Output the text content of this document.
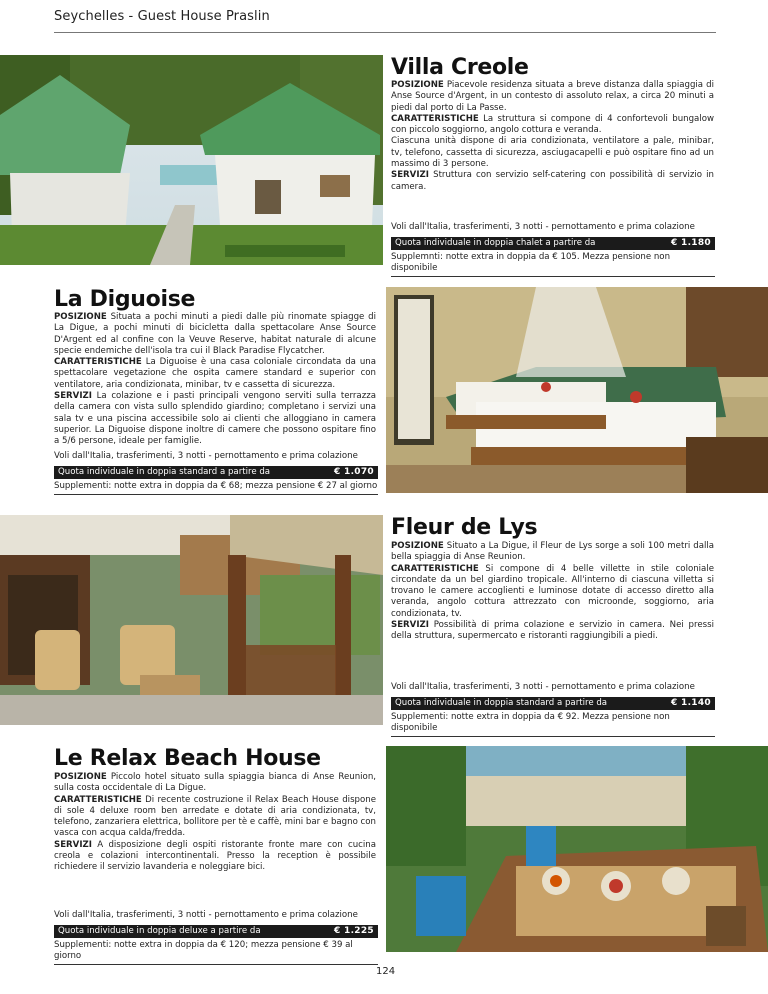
Seychelles - Guest House Praslin
Villa Creole

POSIZIONE Piacevole residenza situata a breve distanza dalla spiaggia di Anse Source d'Argent, in un contesto di assoluto relax, a circa 20 minuti a piedi dal porto di La Passe.

CARATTERISTICHE La struttura si compone di 4 confortevoli bungalow con piccolo soggiorno, angolo cottura e veranda.

Ciascuna unità dispone di aria condizionata, ventilatore a pale, minibar, tv, telefono, cassetta di sicurezza, asciugacapelli e può ospitare fino ad un massimo di 3 persone.

SERVIZI Struttura con servizio self-catering con possibilità di servizio in camera.

Voli dall'Italia, trasferimenti, 3 notti - pernottamento e prima colazione
Quota individuale in doppia chalet a partire da	€ 1.180
Supplemnti: notte extra in doppia da € 105. Mezza pensione non disponibile
La Diguoise

POSIZIONE Situata a pochi minuti a piedi dalle più rinomate spiagge di La Digue, a pochi minuti di bicicletta dalla spettacolare Anse Source D'Argent ed al confine con la Veuve Reserve, habitat naturale di alcune specie endemiche dell'isola tra cui il Black Paradise Flycatcher.

CARATTERISTICHE La Diguoise è una casa coloniale circondata da una spettacolare vegetazione che ospita camere standard e superior con ventilatore, aria condizionata, minibar, tv e cassetta di sicurezza.

SERVIZI La colazione e i pasti principali vengono serviti sulla terrazza della camera con vista sullo splendido giardino; completano i servizi una sala tv e una piscina accessibile solo ai clienti che alloggiano in camera superior. La Diguoise dispone inoltre di camere che possono ospitare fino a 5/6 persone, ideale per famiglie.

Voli dall'Italia, trasferimenti, 3 notti - pernottamento e prima colazione
Quota individuale in doppia standard a partire da	€ 1.070
Supplementi: notte extra in doppia da € 68; mezza pensione € 27 al giorno
Fleur de Lys

POSIZIONE Situato a La Digue, il Fleur de Lys sorge a soli 100 metri dalla bella spiaggia di Anse Reunion.

CARATTERISTICHE Si compone di 4 belle villette in stile coloniale circondate da un bel giardino tropicale. All'interno di ciascuna villetta si trovano le camere accoglienti e luminose dotate di accesso diretto alla veranda, angolo cottura attrezzato con microonde, soggiorno, aria condizionata, tv.

SERVIZI Possibilità di prima colazione e servizio in camera. Nei pressi della struttura, supermercato e ristoranti raggiungibili a piedi.

Voli dall'Italia, trasferimenti, 3 notti - pernottamento e prima colazione
Quota individuale in doppia standard a partire da	€ 1.140
Supplementi: notte extra in doppia da € 92. Mezza pensione non disponibile
Le Relax Beach House

POSIZIONE Piccolo hotel situato sulla spiaggia bianca di Anse Reunion, sulla costa occidentale di La Digue.

CARATTERISTICHE Di recente costruzione il Relax Beach House dispone di sole 4 deluxe room ben arredate e dotate di aria condizionata, tv, telefono, zanzariera elettrica, bollitore per tè e caffè, mini bar e bagno con vasca con acqua calda/fredda.

SERVIZI A disposizione degli ospiti ristorante fronte mare con cucina creola e colazioni intercontinentali. Presso la reception è possibile richiedere il servizio lavanderia e noleggiare bici.

Voli dall'Italia, trasferimenti, 3 notti - pernottamento e prima colazione
Quota individuale in doppia deluxe a partire da	€ 1.225
Supplementi: notte extra in doppia da € 120; mezza pensione € 39 al giorno
124
